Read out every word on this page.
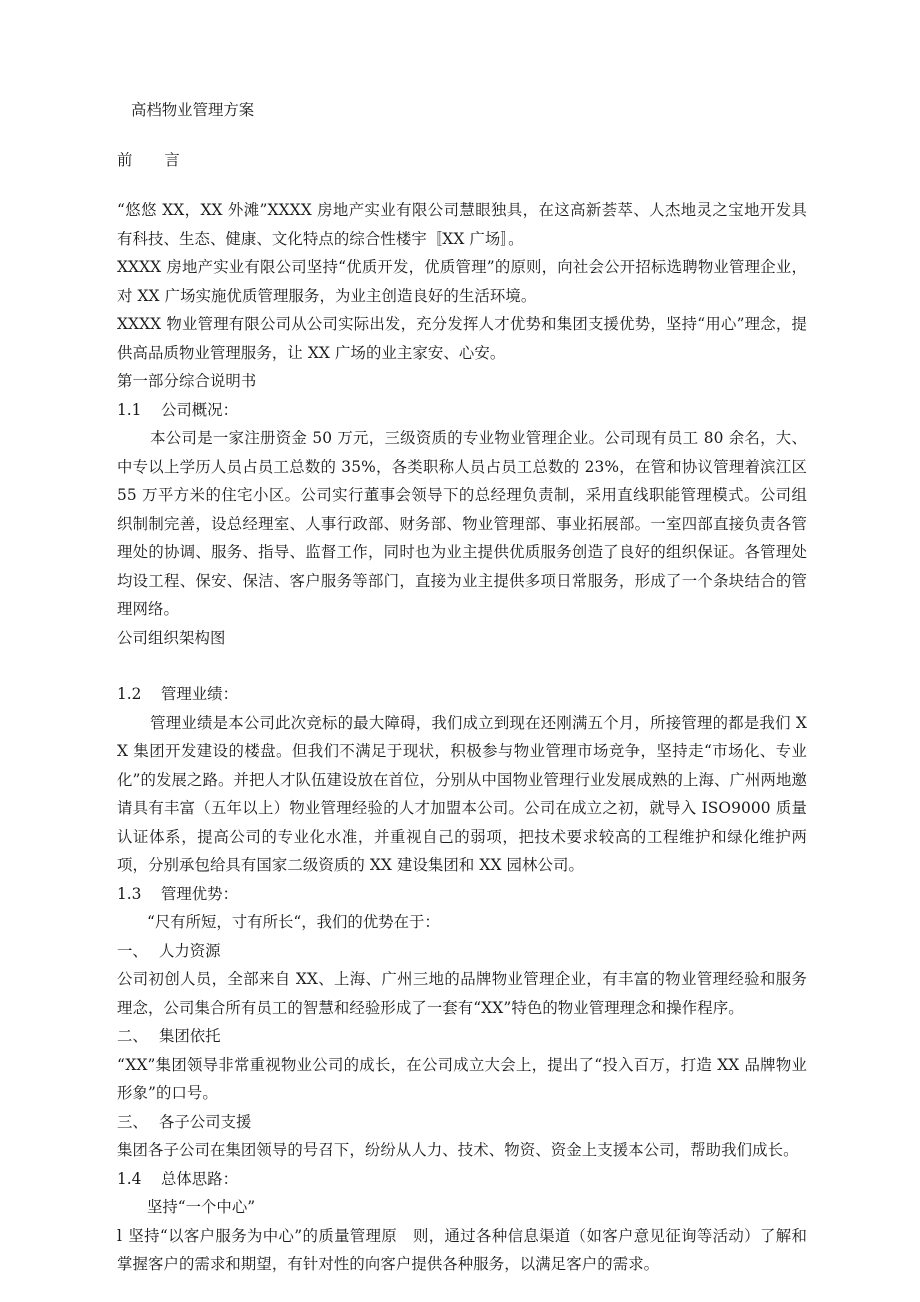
高档物业管理方案
前　　言

“悠悠 XX，XX 外滩”XXXX 房地产实业有限公司慧眼独具，在这高新荟萃、人杰地灵之宝地开发具有科技、生态、健康、文化特点的综合性楼宇〚XX 广场〛。

XXXX 房地产实业有限公司坚持“优质开发，优质管理”的原则，向社会公开招标选聘物业管理企业，对 XX 广场实施优质管理服务，为业主创造良好的生活环境。

XXXX 物业管理有限公司从公司实际出发，充分发挥人才优势和集团支援优势，坚持“用心”理念，提供高品质物业管理服务，让 XX 广场的业主家安、心安。

第一部分综合说明书

1.1 公司概况：

本公司是一家注册资金 50 万元，三级资质的专业物业管理企业。公司现有员工 80 余名，大、中专以上学历人员占员工总数的 35%，各类职称人员占员工总数的 23%，在管和协议管理着滨江区 55 万平方米的住宅小区。公司实行董事会领导下的总经理负责制，采用直线职能管理模式。公司组织制制完善，设总经理室、人事行政部、财务部、物业管理部、事业拓展部。一室四部直接负责各管理处的协调、服务、指导、监督工作，同时也为业主提供优质服务创造了良好的组织保证。各管理处均设工程、保安、保洁、客户服务等部门，直接为业主提供多项日常服务，形成了一个条块结合的管理网络。

公司组织架构图

1.2 管理业绩：

管理业绩是本公司此次竞标的最大障碍，我们成立到现在还刚满五个月，所接管理的都是我们 XX 集团开发建设的楼盘。但我们不满足于现状，积极参与物业管理市场竞争，坚持走“市场化、专业化”的发展之路。并把人才队伍建设放在首位，分别从中国物业管理行业发展成熟的上海、广州两地邀请具有丰富（五年以上）物业管理经验的人才加盟本公司。公司在成立之初，就导入 ISO9000 质量认证体系，提高公司的专业化水准，并重视自己的弱项，把技术要求较高的工程维护和绿化维护两项，分别承包给具有国家二级资质的 XX 建设集团和 XX 园林公司。

1.3 管理优势：
“尺有所短，寸有所长“，我们的优势在于：
一、 人力资源

公司初创人员，全部来自 XX、上海、广州三地的品牌物业管理企业，有丰富的物业管理经验和服务理念，公司集合所有员工的智慧和经验形成了一套有“XX”特色的物业管理理念和操作程序。

二、 集团依托

“XX”集团领导非常重视物业公司的成长，在公司成立大会上，提出了“投入百万，打造 XX 品牌物业形象”的口号。

三、 各子公司支援

集团各子公司在集团领导的号召下，纷纷从人力、技术、物资、资金上支援本公司，帮助我们成长。

1.4 总体思路：
坚持“一个中心”

l 坚持“以客户服务为中心”的质量管理原　则，通过各种信息渠道（如客户意见征询等活动）了解和掌握客户的需求和期望，有针对性的向客户提供各种服务，以满足客户的需求。
